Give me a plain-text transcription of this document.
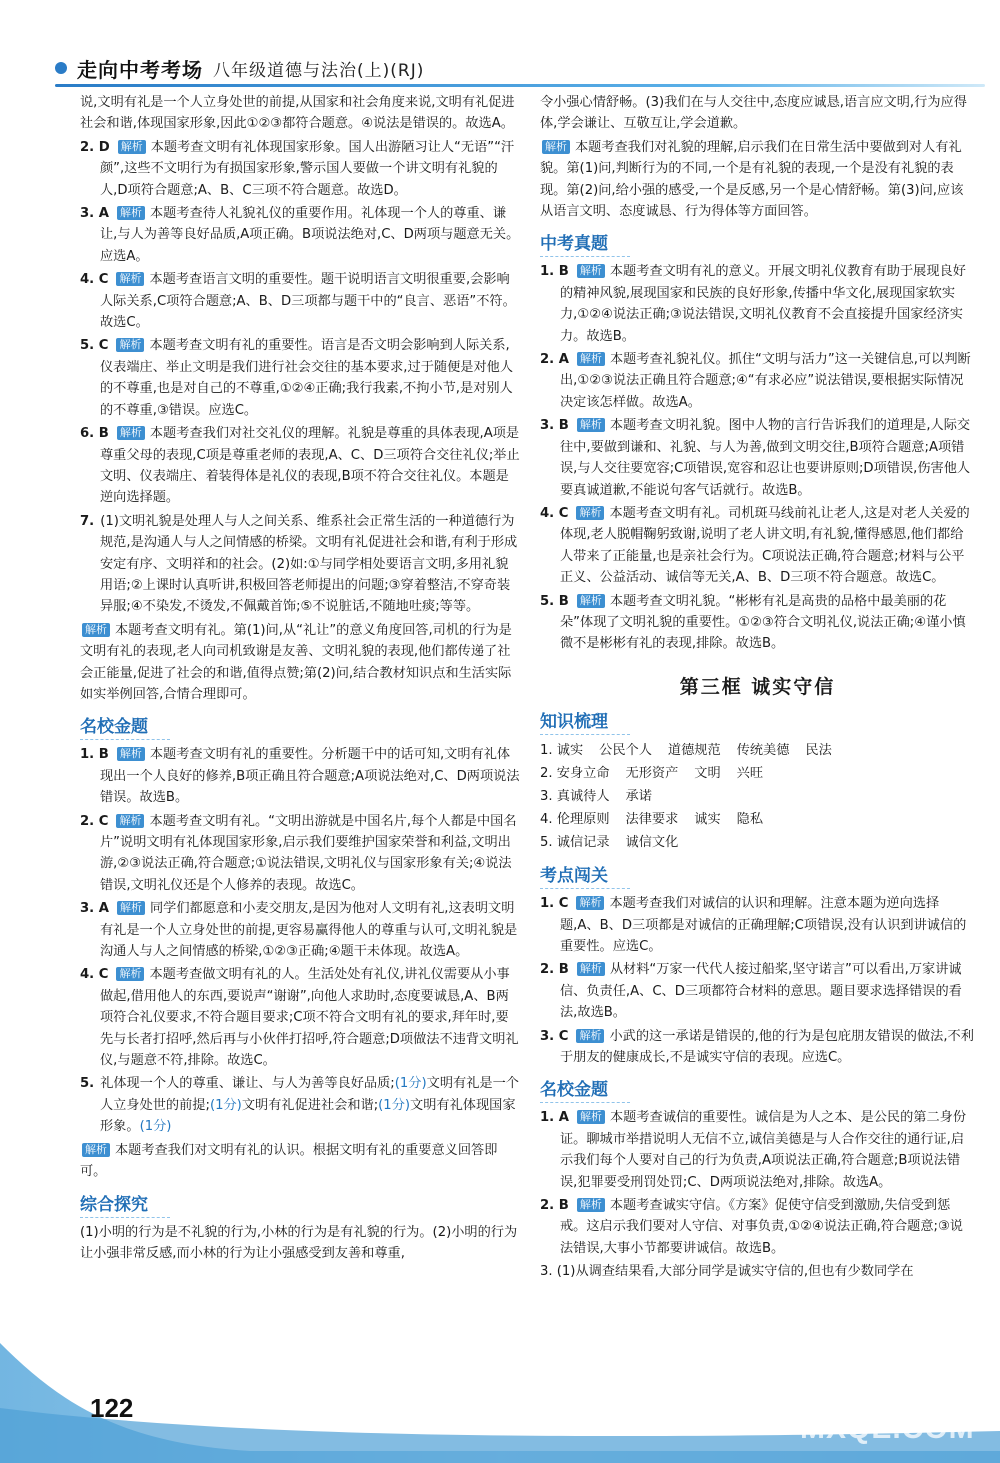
走向中考考场 八年级道德与法治(上)(RJ)

说,文明有礼是一个人立身处世的前提,从国家和社会角度来说,文明有礼促进社会和谐,体现国家形象,因此①②③都符合题意。④说法是错误的。故选A。

2. D 解析 本题考查文明有礼体现国家形象。国人出游陋习让人“无语”“汗颜”,这些不文明行为有损国家形象,警示国人要做一个讲文明有礼貌的人,D项符合题意;A、B、C三项不符合题意。故选D。

3. A 解析 本题考查待人礼貌礼仪的重要作用。礼体现一个人的尊重、谦让,与人为善等良好品质,A项正确。B项说法绝对,C、D两项与题意无关。应选A。

4. C 解析 本题考查语言文明的重要性。题干说明语言文明很重要,会影响人际关系,C项符合题意;A、B、D三项都与题干中的“良言、恶语”不符。故选C。

5. C 解析 本题考查文明有礼的重要性。语言是否文明会影响到人际关系,仪表端庄、举止文明是我们进行社会交往的基本要求,过于随便是对他人的不尊重,也是对自己的不尊重,①②④正确;我行我素,不拘小节,是对别人的不尊重,③错误。应选C。

6. B 解析 本题考查我们对社交礼仪的理解。礼貌是尊重的具体表现,A项是尊重父母的表现,C项是尊重老师的表现,A、C、D三项符合交往礼仪;举止文明、仪表端庄、着装得体是礼仪的表现,B项不符合交往礼仪。本题是逆向选择题。

7. (1)文明礼貌是处理人与人之间关系、维系社会正常生活的一种道德行为规范,是沟通人与人之间情感的桥梁。文明有礼促进社会和谐,有利于形成安定有序、文明祥和的社会。(2)如:①与同学相处要语言文明,多用礼貌用语;②上课时认真听讲,积极回答老师提出的问题;③穿着整洁,不穿奇装异服;④不染发,不烫发,不佩戴首饰;⑤不说脏话,不随地吐痰;等等。

解析 本题考查文明有礼。第(1)问,从“礼让”的意义角度回答,司机的行为是文明有礼的表现,老人向司机致谢是友善、文明礼貌的表现,他们都传递了社会正能量,促进了社会的和谐,值得点赞;第(2)问,结合教材知识点和生活实际如实举例回答,合情合理即可。

名校金题

1. B 解析 本题考查文明有礼的重要性。分析题干中的话可知,文明有礼体现出一个人良好的修养,B项正确且符合题意;A项说法绝对,C、D两项说法错误。故选B。

2. C 解析 本题考查文明有礼。“文明出游就是中国名片,每个人都是中国名片”说明文明有礼体现国家形象,启示我们要维护国家荣誉和利益,文明出游,②③说法正确,符合题意;①说法错误,文明礼仪与国家形象有关;④说法错误,文明礼仪还是个人修养的表现。故选C。

3. A 解析 同学们都愿意和小麦交朋友,是因为他对人文明有礼,这表明文明有礼是一个人立身处世的前提,更容易赢得他人的尊重与认可,文明礼貌是沟通人与人之间情感的桥梁,①②③正确;④题干未体现。故选A。

4. C 解析 本题考查做文明有礼的人。生活处处有礼仪,讲礼仪需要从小事做起,借用他人的东西,要说声“谢谢”,向他人求助时,态度要诚恳,A、B两项符合礼仪要求,不符合题目要求;C项不符合文明有礼的要求,拜年时,要先与长者打招呼,然后再与小伙伴打招呼,符合题意;D项做法不违背文明礼仪,与题意不符,排除。故选C。

5. 礼体现一个人的尊重、谦让、与人为善等良好品质;(1分)文明有礼是一个人立身处世的前提;(1分)文明有礼促进社会和谐;(1分)文明有礼体现国家形象。(1分)

解析 本题考查我们对文明有礼的认识。根据文明有礼的重要意义回答即可。

综合探究

(1)小明的行为是不礼貌的行为,小林的行为是有礼貌的行为。(2)小明的行为让小强非常反感,而小林的行为让小强感受到友善和尊重,

令小强心情舒畅。(3)我们在与人交往中,态度应诚恳,语言应文明,行为应得体,学会谦让、互敬互让,学会道歉。

解析 本题考查我们对礼貌的理解,启示我们在日常生活中要做到对人有礼貌。第(1)问,判断行为的不同,一个是有礼貌的表现,一个是没有礼貌的表现。第(2)问,给小强的感受,一个是反感,另一个是心情舒畅。第(3)问,应该从语言文明、态度诚恳、行为得体等方面回答。

中考真题

1. B 解析 本题考查文明有礼的意义。开展文明礼仪教育有助于展现良好的精神风貌,展现国家和民族的良好形象,传播中华文化,展现国家软实力,①②④说法正确;③说法错误,文明礼仪教育不会直接提升国家经济实力。故选B。

2. A 解析 本题考查礼貌礼仪。抓住“文明与活力”这一关键信息,可以判断出,①②③说法正确且符合题意;④“有求必应”说法错误,要根据实际情况决定该怎样做。故选A。

3. B 解析 本题考查文明礼貌。图中人物的言行告诉我们的道理是,人际交往中,要做到谦和、礼貌、与人为善,做到文明交往,B项符合题意;A项错误,与人交往要宽容;C项错误,宽容和忍让也要讲原则;D项错误,伤害他人要真诚道歉,不能说句客气话就行。故选B。

4. C 解析 本题考查文明有礼。司机斑马线前礼让老人,这是对老人关爱的体现,老人脱帽鞠躬致谢,说明了老人讲文明,有礼貌,懂得感恩,他们都给人带来了正能量,也是亲社会行为。C项说法正确,符合题意;材料与公平正义、公益活动、诚信等无关,A、B、D三项不符合题意。故选C。

5. B 解析 本题考查文明礼貌。“彬彬有礼是高贵的品格中最美丽的花朵”体现了文明礼貌的重要性。①②③符合文明礼仪,说法正确;④谨小慎微不是彬彬有礼的表现,排除。故选B。

第三框 诚实守信
知识梳理

1. 诚实 公民个人 道德规范 传统美德 民法

2. 安身立命 无形资产 文明 兴旺

3. 真诚待人 承诺

4. 伦理原则 法律要求 诚实 隐私

5. 诚信记录 诚信文化

考点闯关

1. C 解析 本题考查我们对诚信的认识和理解。注意本题为逆向选择题,A、B、D三项都是对诚信的正确理解;C项错误,没有认识到讲诚信的重要性。应选C。

2. B 解析 从材料“万家一代代人接过船桨,坚守诺言”可以看出,万家讲诚信、负责任,A、C、D三项都符合材料的意思。题目要求选择错误的看法,故选B。

3. C 解析 小武的这一承诺是错误的,他的行为是包庇朋友错误的做法,不利于朋友的健康成长,不是诚实守信的表现。应选C。

名校金题

1. A 解析 本题考查诚信的重要性。诚信是为人之本、是公民的第二身份证。聊城市举措说明人无信不立,诚信美德是与人合作交往的通行证,启示我们每个人要对自己的行为负责,A项说法正确,符合题意;B项说法错误,犯罪要受刑罚处罚;C、D两项说法绝对,排除。故选A。

2. B 解析 本题考查诚实守信。《方案》促使守信受到激励,失信受到惩戒。这启示我们要对人守信、对事负责,①②④说法正确,符合题意;③说法错误,大事小节都要讲诚信。故选B。

3. (1)从调查结果看,大部分同学是诚实守信的,但也有少数同学在

122
MXQE.COM
